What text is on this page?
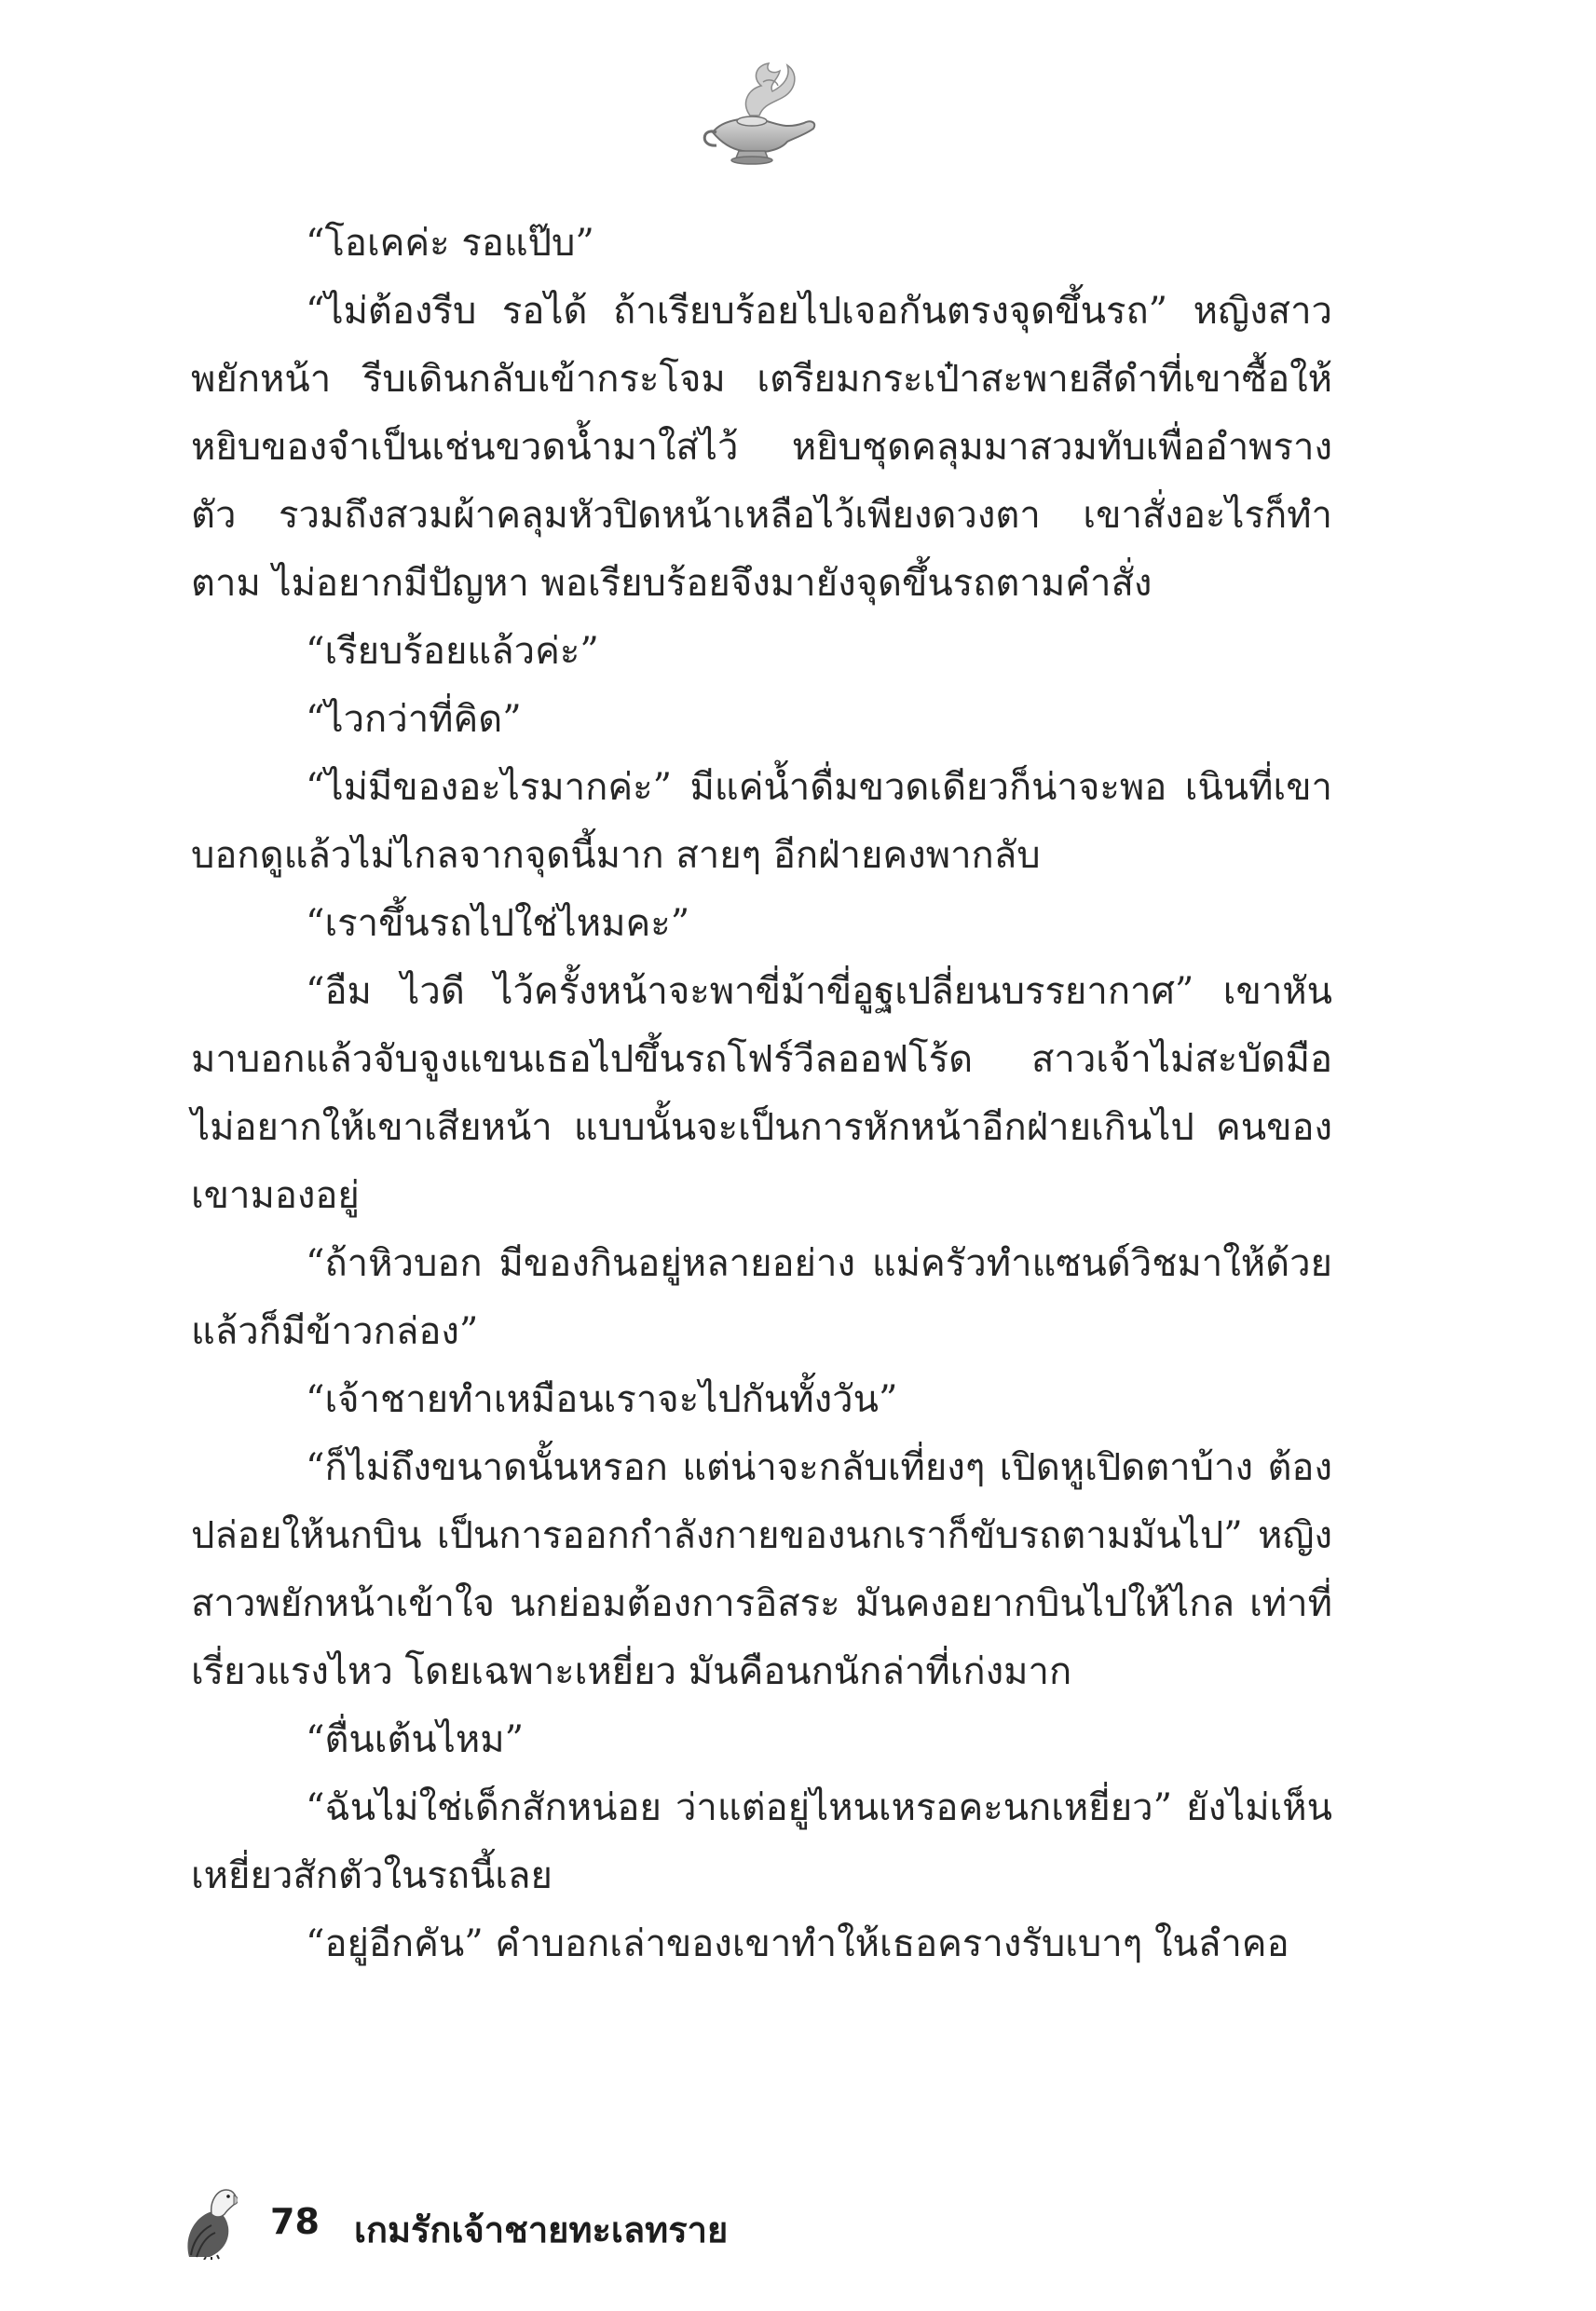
“โอเคค่ะ รอแป๊บ”

“ไม่ต้องรีบ รอได้ ถ้าเรียบร้อยไปเจอกันตรงจุดขึ้นรถ” หญิงสาวพยักหน้า รีบเดินกลับเข้ากระโจม เตรียมกระเป๋าสะพายสีดำที่เขาซื้อให้ หยิบของจำเป็นเช่นขวดน้ำมาใส่ไว้ หยิบชุดคลุมมาสวมทับเพื่ออำพรางตัว รวมถึงสวมผ้าคลุมหัวปิดหน้าเหลือไว้เพียงดวงตา เขาสั่งอะไรก็ทำตาม ไม่อยากมีปัญหา พอเรียบร้อยจึงมายังจุดขึ้นรถตามคำสั่ง

“เรียบร้อยแล้วค่ะ”

“ไวกว่าที่คิด”

“ไม่มีของอะไรมากค่ะ” มีแค่น้ำดื่มขวดเดียวก็น่าจะพอ เนินที่เขาบอกดูแล้วไม่ไกลจากจุดนี้มาก สายๆ อีกฝ่ายคงพากลับ

“เราขึ้นรถไปใช่ไหมคะ”

“อืม ไวดี ไว้ครั้งหน้าจะพาขี่ม้าขี่อูฐเปลี่ยนบรรยากาศ” เขาหันมาบอกแล้วจับจูงแขนเธอไปขึ้นรถโฟร์วีลออฟโร้ด สาวเจ้าไม่สะบัดมือ ไม่อยากให้เขาเสียหน้า แบบนั้นจะเป็นการหักหน้าอีกฝ่ายเกินไป คนของเขามองอยู่

“ถ้าหิวบอก มีของกินอยู่หลายอย่าง แม่ครัวทำแซนด์วิชมาให้ด้วย แล้วก็มีข้าวกล่อง”

“เจ้าชายทำเหมือนเราจะไปกันทั้งวัน”

“ก็ไม่ถึงขนาดนั้นหรอก แต่น่าจะกลับเที่ยงๆ เปิดหูเปิดตาบ้าง ต้องปล่อยให้นกบิน เป็นการออกกำลังกายของนกเราก็ขับรถตามมันไป” หญิงสาวพยักหน้าเข้าใจ นกย่อมต้องการอิสระ มันคงอยากบินไปให้ไกล เท่าที่เรี่ยวแรงไหว โดยเฉพาะเหยี่ยว มันคือนกนักล่าที่เก่งมาก

“ตื่นเต้นไหม”

“ฉันไม่ใช่เด็กสักหน่อย ว่าแต่อยู่ไหนเหรอคะนกเหยี่ยว” ยังไม่เห็นเหยี่ยวสักตัวในรถนี้เลย

“อยู่อีกคัน” คำบอกเล่าของเขาทำให้เธอครางรับเบาๆ ในลำคอ

78 เกมรักเจ้าชายทะเลทราย
